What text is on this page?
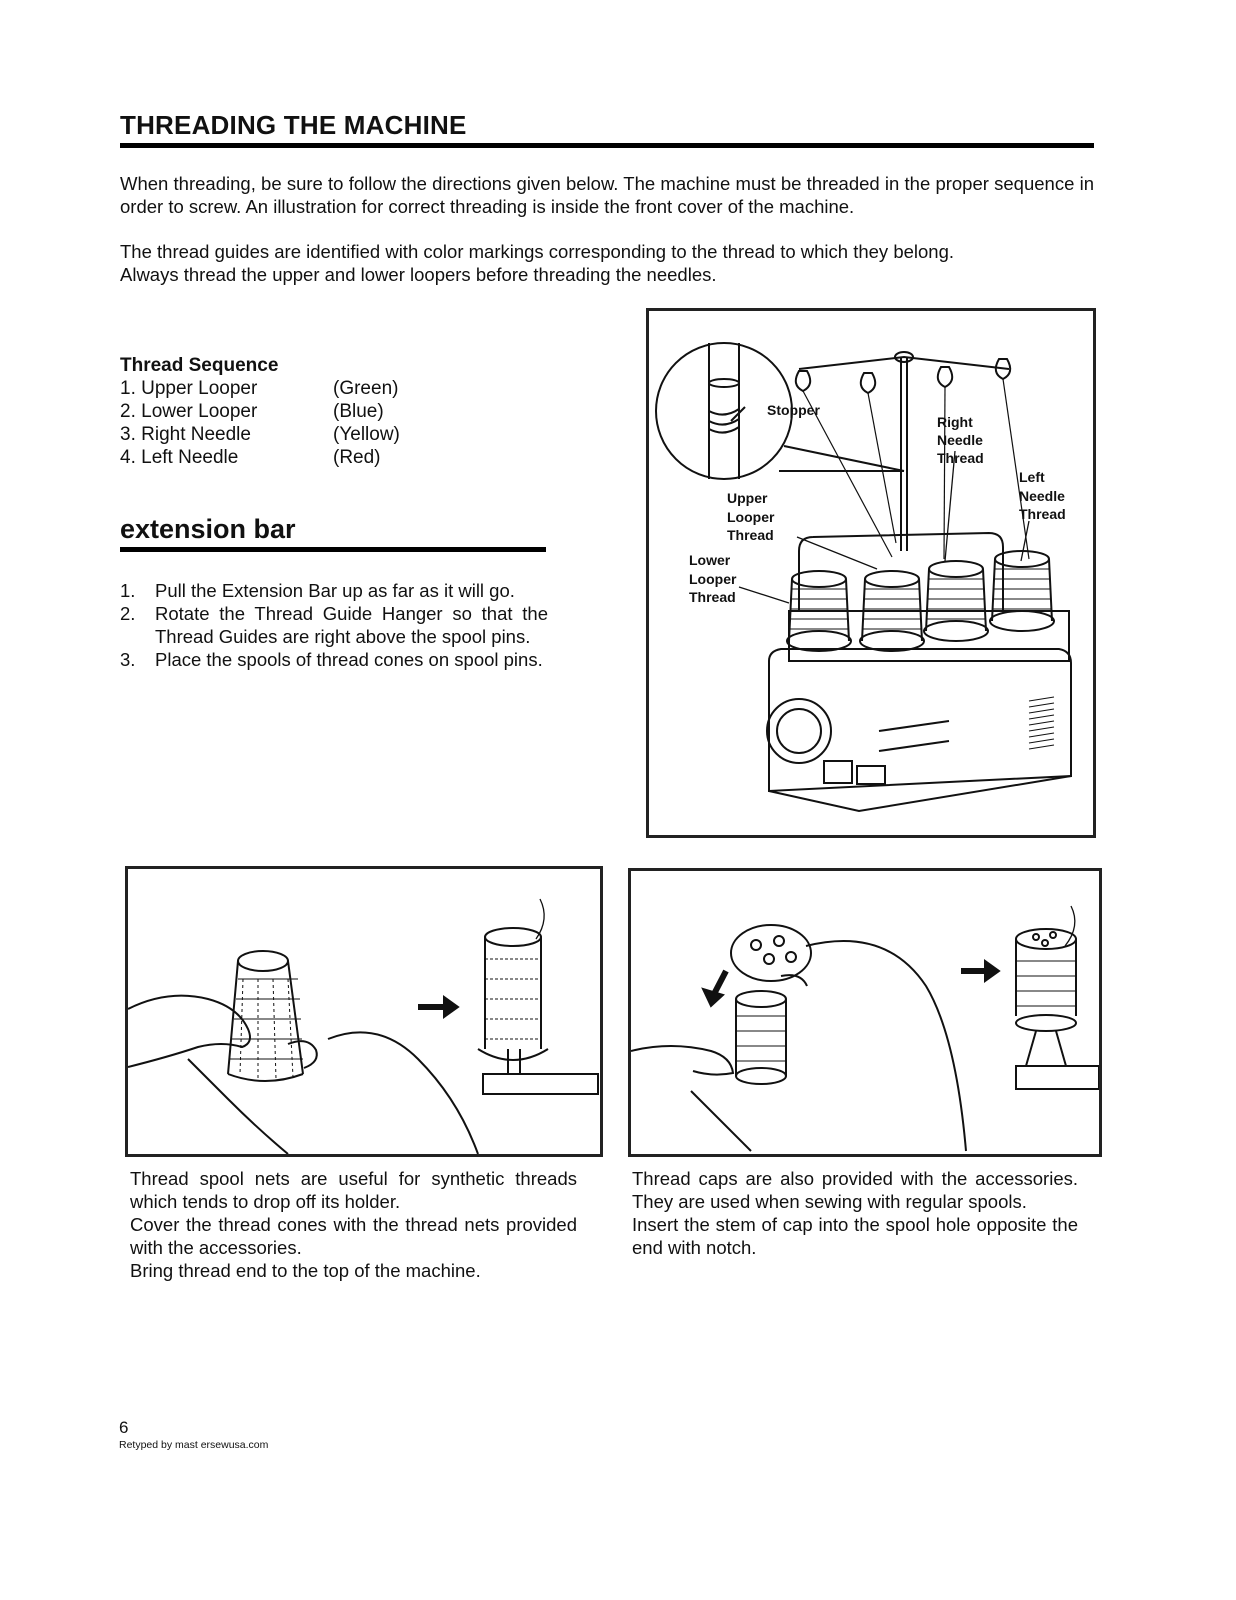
THREADING THE MACHINE
When threading, be sure to follow the directions given below. The machine must be threaded in the proper sequence in order to screw. An illustration for correct threading is inside the front cover of the machine.
The thread guides are identified with color markings corresponding to the thread to which they belong.
Always thread the upper and lower loopers before threading the needles.
Thread Sequence
1. Upper Looper	(Green)
2. Lower Looper	(Blue)
3. Right Needle	(Yellow)
4. Left Needle	(Red)
extension bar
1.	Pull the Extension Bar up as far as it will go.
2.	Rotate the Thread Guide Hanger so that the Thread Guides are right above the spool pins.
3.	Place the spools of thread cones on spool pins.
Stopper
Right
Needle
Thread
Left
Needle
Thread
Upper
Looper
Thread
Lower
Looper
Thread
Thread spool nets are useful for synthetic threads which tends to drop off its holder.
Cover the thread cones with the thread nets provided with the accessories.
Bring thread end to the top of the machine.
Thread caps are also provided with the accessories. They are used when sewing with regular spools.
Insert the stem of cap into the spool hole opposite the end with notch.
6
Retyped by mast ersewusa.com
